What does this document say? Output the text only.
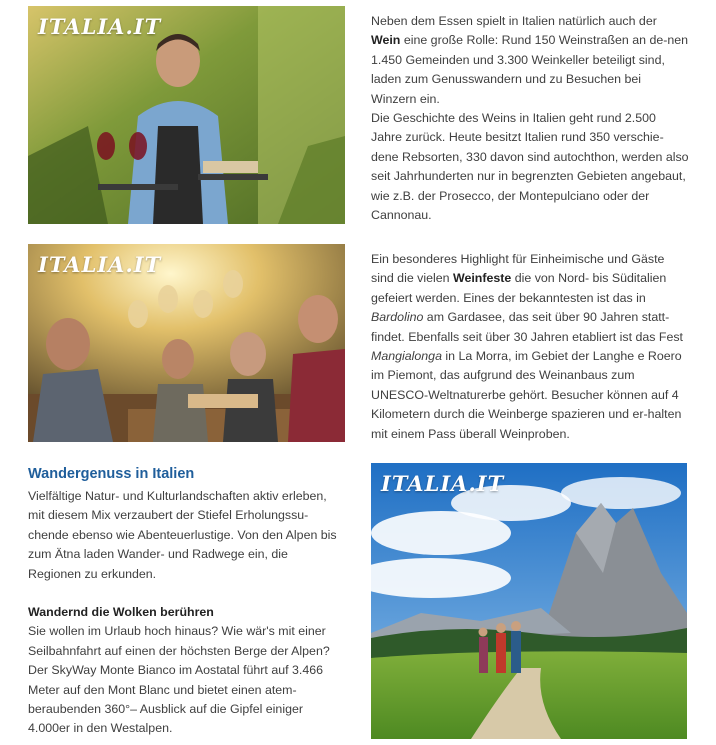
ITALIA.IT	Neben dem Essen spielt in Italien natürlich auch der
Wein eine große Rolle: Rund 150 Weinstraßen an de-nen 1.450 Gemeinden und 3.300 Weinkeller beteiligt sind, laden zum Genusswandern und zu Besuchen bei Winzern ein.

Die Geschichte des Weins in Italien geht rund 2.500 Jahre zurück. Heute besitzt Italien rund 350 verschie-dene Rebsorten, 330 davon sind autochthon, werden also seit Jahrhunderten nur in begrenzten Gebieten angebaut, wie z.B. der Prosecco, der Montepulciano oder der Cannonau.

ITALIA.IT	Ein besonderes Highlight für Einheimische und Gäste sind die vielen Weinfeste die von Nord- bis Süditalien gefeiert werden. Eines der bekanntesten ist das in Bardolino am Gardasee, das seit über 90 Jahren statt-findet. Ebenfalls seit über 30 Jahren etabliert ist das Fest Mangialonga in La Morra, im Gebiet der Langhe e Roero im Piemont, das aufgrund des Weinanbaus zum UNESCO-Weltnaturerbe gehört. Besucher können auf 4 Kilometern durch die Weinberge spazieren und er-halten mit einem Pass überall Weinproben.

Wandergenuss in Italien

Vielfältige Natur- und Kulturlandschaften aktiv erleben, mit diesem Mix verzaubert der Stiefel Erholungssu-chende ebenso wie Abenteuerlustige. Von den Alpen bis zum Ätna laden Wander- und Radwege ein, die Regionen zu erkunden.

Wandernd die Wolken berühren

Sie wollen im Urlaub hoch hinaus? Wie wär's mit einer Seilbahnfahrt auf einen der höchsten Berge der Alpen? Der SkyWay Monte Bianco im Aostatal führt auf 3.466 Meter auf den Mont Blanc und bietet einen atem-beraubenden 360°– Ausblick auf die Gipfel einiger 4.000er in den Westalpen.

ITALIA.IT
